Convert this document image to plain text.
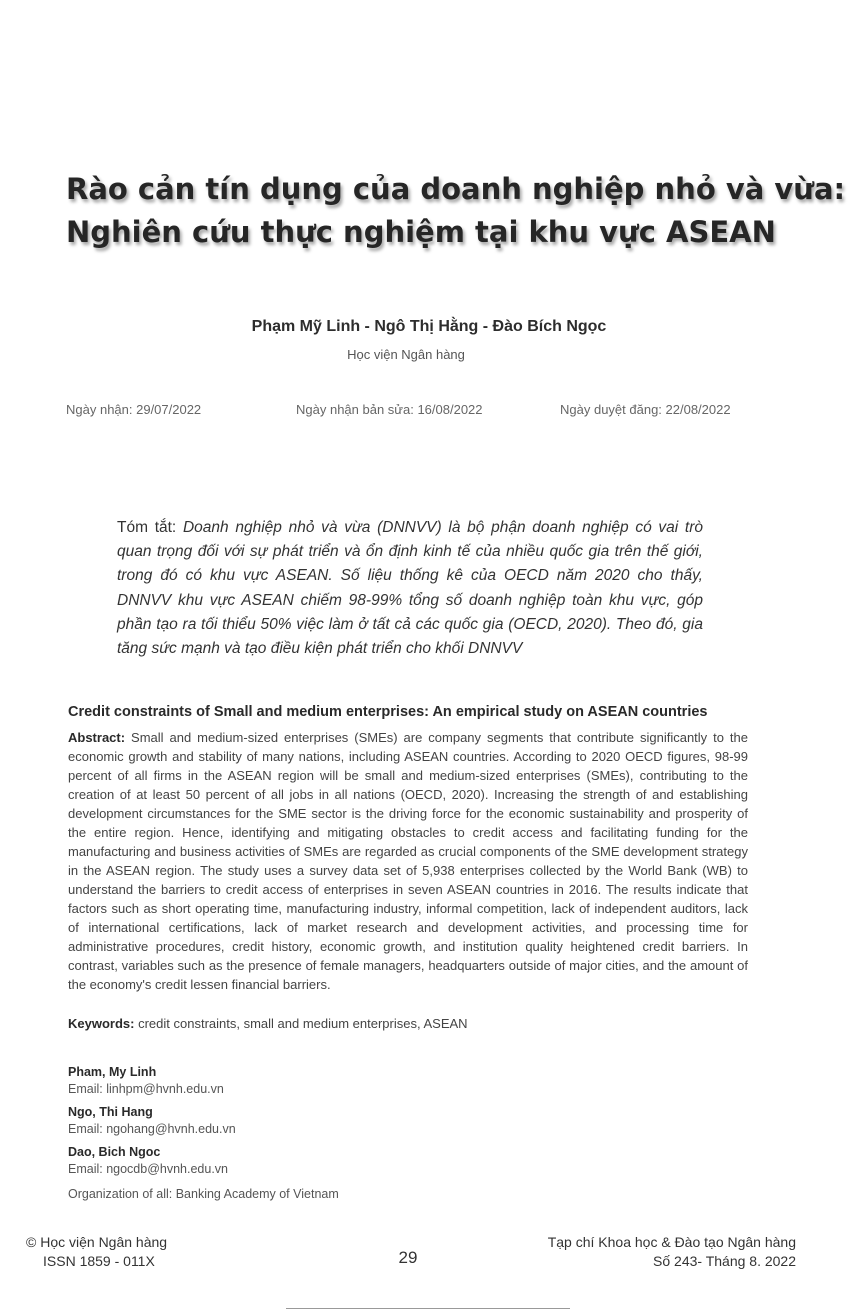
Rào cản tín dụng của doanh nghiệp nhỏ và vừa:
Nghiên cứu thực nghiệm tại khu vực ASEAN
Phạm Mỹ Linh - Ngô Thị Hằng - Đào Bích Ngọc
Học viện Ngân hàng
Ngày nhận: 29/07/2022	Ngày nhận bản sửa: 16/08/2022	Ngày duyệt đăng: 22/08/2022

Tóm tắt: Doanh nghiệp nhỏ và vừa (DNNVV) là bộ phận doanh nghiệp có vai trò quan trọng đối với sự phát triển và ổn định kinh tế của nhiều quốc gia trên thế giới, trong đó có khu vực ASEAN. Số liệu thống kê của OECD năm 2020 cho thấy, DNNVV khu vực ASEAN chiếm 98-99% tổng số doanh nghiệp toàn khu vực, góp phần tạo ra tối thiểu 50% việc làm ở tất cả các quốc gia (OECD, 2020). Theo đó, gia tăng sức mạnh và tạo điều kiện phát triển cho khối DNNVV

Credit constraints of Small and medium enterprises: An empirical study on ASEAN countries

Abstract: Small and medium-sized enterprises (SMEs) are company segments that contribute significantly to the economic growth and stability of many nations, including ASEAN countries. According to 2020 OECD figures, 98-99 percent of all firms in the ASEAN region will be small and medium-sized enterprises (SMEs), contributing to the creation of at least 50 percent of all jobs in all nations (OECD, 2020). Increasing the strength of and establishing development circumstances for the SME sector is the driving force for the economic sustainability and prosperity of the entire region. Hence, identifying and mitigating obstacles to credit access and facilitating funding for the manufacturing and business activities of SMEs are regarded as crucial components of the SME development strategy in the ASEAN region. The study uses a survey data set of 5,938 enterprises collected by the World Bank (WB) to understand the barriers to credit access of enterprises in seven ASEAN countries in 2016. The results indicate that factors such as short operating time, manufacturing industry, informal competition, lack of independent auditors, lack of international certifications, lack of market research and development activities, and processing time for administrative procedures, credit history, economic growth, and institution quality heightened credit barriers. In contrast, variables such as the presence of female managers, headquarters outside of major cities, and the amount of the economy's credit lessen financial barriers.

Keywords: credit constraints, small and medium enterprises, ASEAN
Pham, My Linh
Email: linhpm@hvnh.edu.vn
Ngo, Thi Hang
Email: ngohang@hvnh.edu.vn
Dao, Bich Ngoc
Email: ngocdb@hvnh.edu.vn
Organization of all: Banking Academy of Vietnam
© Học viện Ngân hàng
ISSN 1859 - 011X	29
Tạp chí Khoa học & Đào tạo Ngân hàng
Số 243- Tháng 8. 2022
